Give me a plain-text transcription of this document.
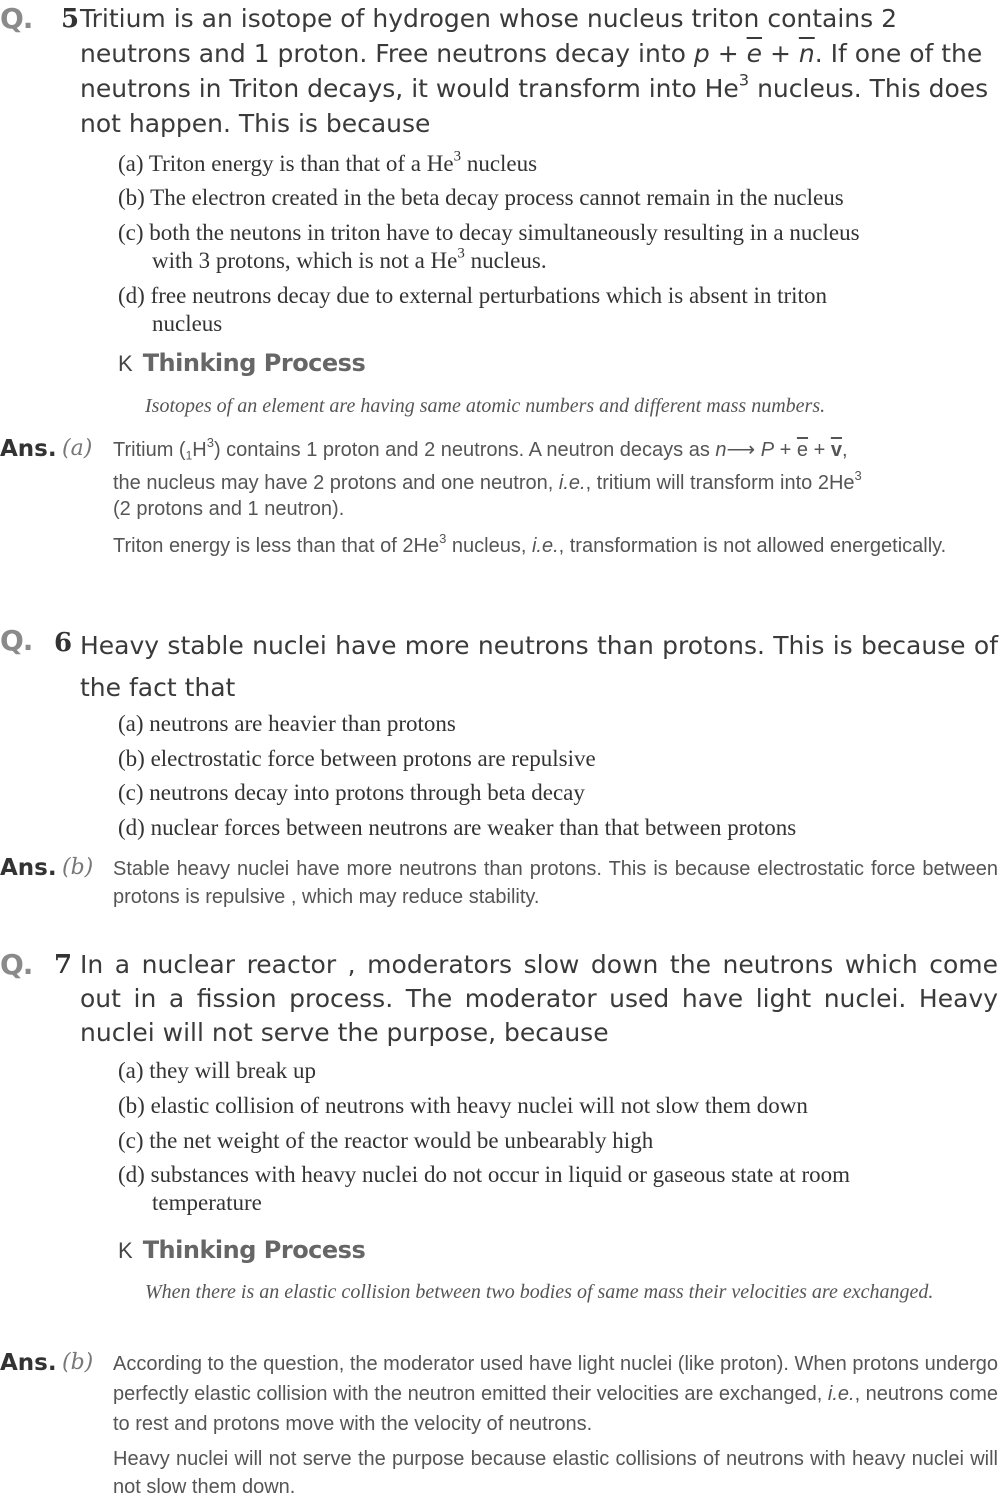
Q. 5 Tritium is an isotope of hydrogen whose nucleus triton contains 2
neutrons and 1 proton. Free neutrons decay into $p + \overline{e} + \overline{n}$. If one of the
neutrons in Triton decays, it would transform into He$^3$ nucleus. This does
not happen. This is because
(a) Triton energy is than that of a He$^3$ nucleus
(b) The electron created in the beta decay process cannot remain in the nucleus
(c) both the neutons in triton have to decay simultaneously resulting in a nucleus
with 3 protons, which is not a He$^3$ nucleus.
(d) free neutrons decay due to external perturbations which is absent in triton
nucleus
K Thinking Process
Isotopes of an element are having same atomic numbers and different mass numbers.
Ans. (a) Tritium $(_1H^3)$ contains 1 proton and 2 neutrons. A neutron decays as n⟶ $P + \overline{e} + \overline{v}$,

the nucleus may have 2 protons and one neutron, i.e., tritium will transform into 2He$^3$
(2 protons and 1 neutron).

Triton energy is less than that of 2He$^3$ nucleus, i.e., transformation is not allowed energetically.

Q. 6 Heavy stable nuclei have more neutrons than protons. This is because of the fact that
(a) neutrons are heavier than protons
(b) electrostatic force between protons are repulsive
(c) neutrons decay into protons through beta decay
(d) nuclear forces between neutrons are weaker than that between protons
Ans. (b) Stable heavy nuclei have more neutrons than protons. This is because electrostatic force between protons is repulsive , which may reduce stability.
Q. 7 In a nuclear reactor , moderators slow down the neutrons which come out in a fission process. The moderator used have light nuclei. Heavy nuclei will not serve the purpose, because
(a) they will break up
(b) elastic collision of neutrons with heavy nuclei will not slow them down
(c) the net weight of the reactor would be unbearably high
(d) substances with heavy nuclei do not occur in liquid or gaseous state at room
temperature
K Thinking Process
When there is an elastic collision between two bodies of same mass their velocities are exchanged.
Ans. (b) According to the question, the moderator used have light nuclei (like proton). When protons undergo perfectly elastic collision with the neutron emitted their velocities are exchanged, i.e., neutrons come to rest and protons move with the velocity of neutrons.

Heavy nuclei will not serve the purpose because elastic collisions of neutrons with heavy nuclei will not slow them down.
